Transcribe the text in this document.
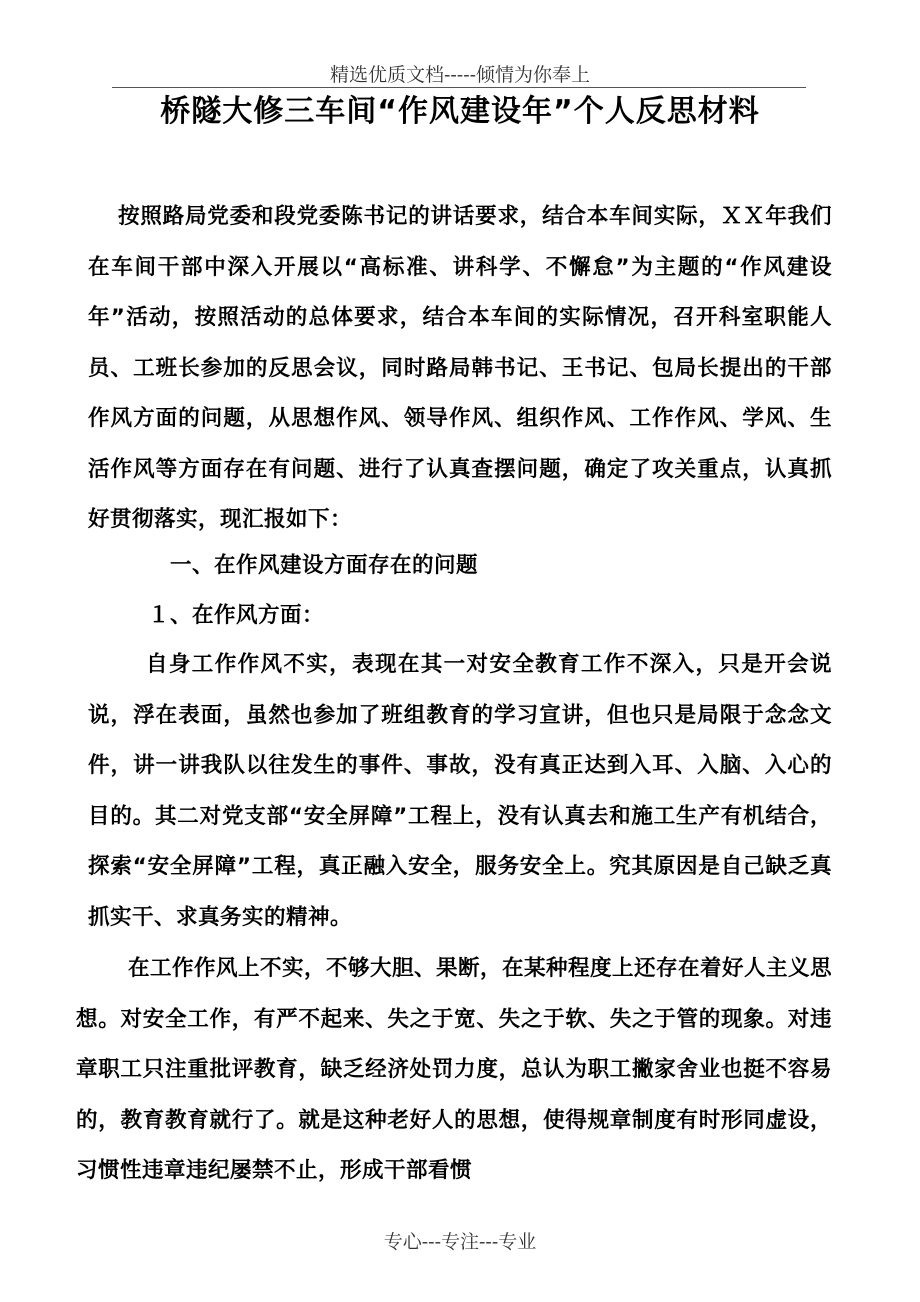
精选优质文档-----倾情为你奉上
桥隧大修三车间“作风建设年”个人反思材料

按照路局党委和段党委陈书记的讲话要求，结合本车间实际，ＸＸ年我们在车间干部中深入开展以“高标准、讲科学、不懈怠”为主题的“作风建设年”活动，按照活动的总体要求，结合本车间的实际情况，召开科室职能人员、工班长参加的反思会议，同时路局韩书记、王书记、包局长提出的干部作风方面的问题，从思想作风、领导作风、组织作风、工作作风、学风、生活作风等方面存在有问题、进行了认真查摆问题，确定了攻关重点，认真抓好贯彻落实，现汇报如下：

一、在作风建设方面存在的问题

１、在作风方面：

自身工作作风不实，表现在其一对安全教育工作不深入，只是开会说说，浮在表面，虽然也参加了班组教育的学习宣讲，但也只是局限于念念文件，讲一讲我队以往发生的事件、事故，没有真正达到入耳、入脑、入心的目的。其二对党支部“安全屏障”工程上，没有认真去和施工生产有机结合，探索“安全屏障”工程，真正融入安全，服务安全上。究其原因是自己缺乏真抓实干、求真务实的精神。

在工作作风上不实，不够大胆、果断，在某种程度上还存在着好人主义思想。对安全工作，有严不起来、失之于宽、失之于软、失之于管的现象。对违章职工只注重批评教育，缺乏经济处罚力度，总认为职工撇家舍业也挺不容易的，教育教育就行了。就是这种老好人的思想，使得规章制度有时形同虚设，习惯性违章违纪屡禁不止，形成干部看惯

专心---专注---专业
